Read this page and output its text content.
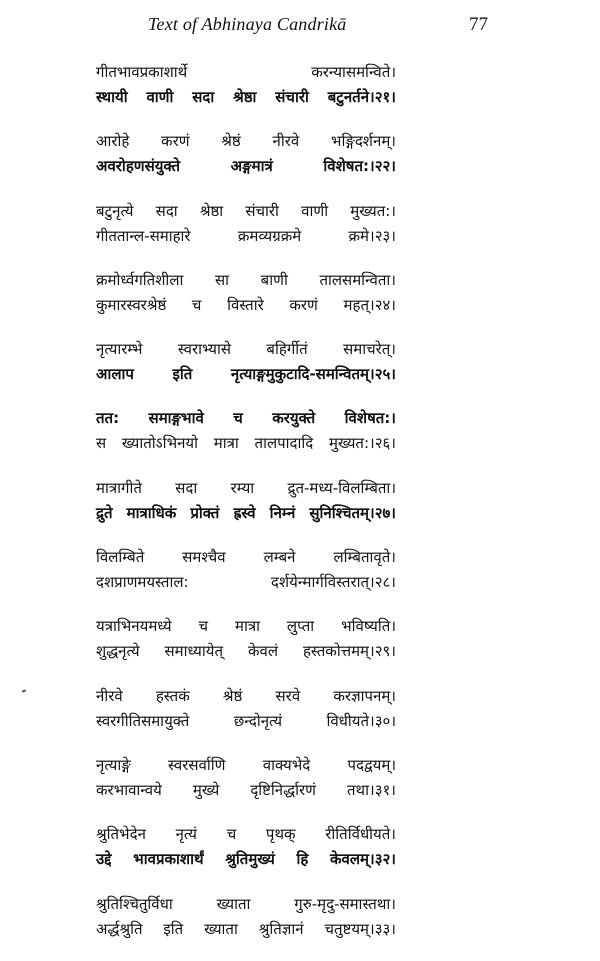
Text of Abhinaya Candrikā	77
गीतभावप्रकाशार्थे करन्यासमन्विते।
स्थायी वाणी सदा श्रेष्ठा संचारी बटुनर्तने।२१।
आरोहे करणं श्रेष्ठं नीरवे भङ्गिदर्शनम्।
अवरोहणसंयुक्ते अङ्गमात्रं विशेषत:।२२।
बटुनृत्ये सदा श्रेष्ठा संचारी वाणी मुख्यत:।
गीततान्ल-समाहारे क्रमव्यग्रक्रमे क्रमे।२३।
क्रमोर्ध्वगतिशीला सा बाणी तालसमन्विता।
कुमारस्वरश्रेष्ठं च विस्तारे करणं महत्।२४।
नृत्यारम्भे स्वराभ्यासे बहिर्गीतं समाचरेत्।
आलाप इति नृत्याङ्गमुकुटादि-समन्वितम्।२५।
तत: समाङ्गभावे च करयुक्ते विशेषत:।
स ख्यातोऽभिनयो मात्रा तालपादादि मुख्यत:।२६।
मात्रागीते सदा रम्या द्रुत-मध्य-विलम्बिता।
द्रुते मात्राधिकं प्रोक्तं ह्रस्वे निम्नं सुनिश्चितम्।२७।
विलम्बिते समश्चैव लम्बने लम्बितावृते।
दशप्राणमयस्ताल: दर्शयेन्मार्गविस्तरात्।२८।
यत्राभिनयमध्ये च मात्रा लुप्ता भविष्यति।
शुद्धनृत्ये समाध्यायेत् केवलं हस्तकोत्तमम्।२९।
नीरवे हस्तकं श्रेष्ठं सरवे करज्ञापनम्।
स्वरगीतिसमायुक्ते छन्दोनृत्यं विधीयते।३०।
नृत्याङ्गे स्वरसर्वाणि वाक्यभेदे पदद्वयम्।
करभावान्वये मुख्ये दृष्टिनिर्द्धारणं तथा।३१।
श्रुतिभेदेन नृत्यं च पृथक् रीतिर्विधीयते।
उद्दे भावप्रकाशार्थं श्रुतिमुख्यं हि केवलम्।३२।
श्रुतिश्चितुर्विधा ख्याता गुरु-मृदु-समास्तथा।
अर्द्धश्रुति इति ख्याता श्रुतिज्ञानं चतुष्टयम्।३३।
